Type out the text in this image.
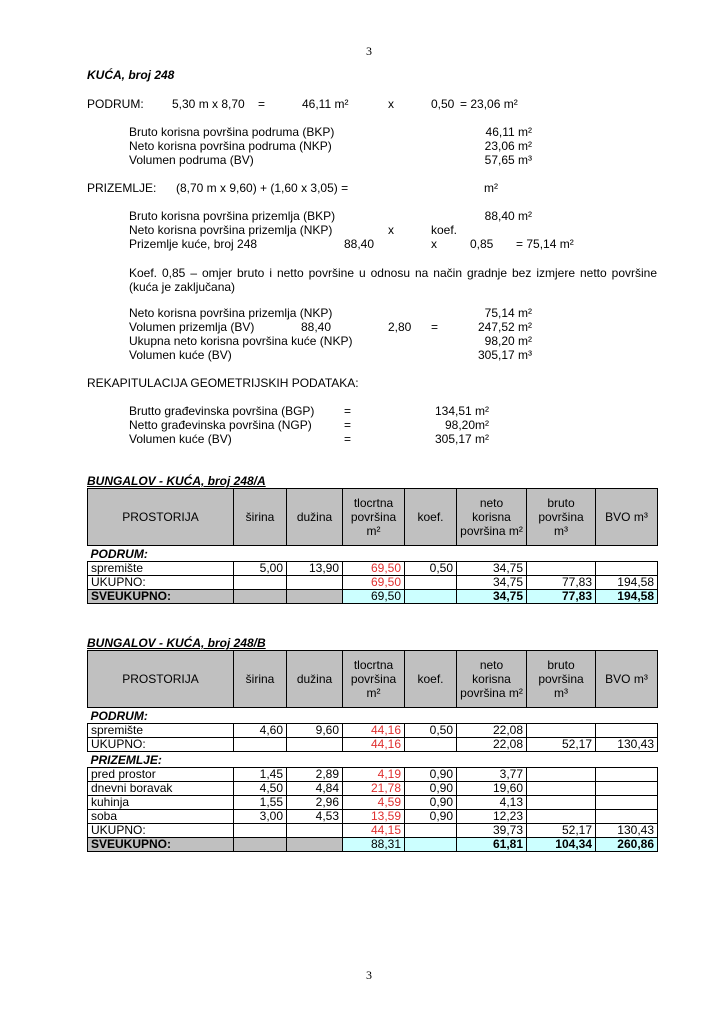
3
3
KUĆA, broj 248
PODRUM: 5,30 m x 8,70 =	46,11 m²	x	0,50 = 23,06 m²
Bruto korisna površina podruma (BKP)	46,11 m²
Neto korisna površina podruma (NKP)	23,06 m²
Volumen podruma (BV)	57,65 m³
PRIZEMLJE: (8,70 m x 9,60) + (1,60 x 3,05) =	m²
Bruto korisna površina prizemlja (BKP)	88,40 m²
Neto korisna površina prizemlja (NKP)	x	koef.
Prizemlje kuće, broj 248	88,40	x	0,85 = 75,14 m²
Koef. 0,85 – omjer bruto i netto površine u odnosu na način gradnje bez izmjere netto površine
(kuća je zaključana)
Neto korisna površina prizemlja (NKP)	75,14 m²
Volumen prizemlja (BV)	88,40	2,80 =	247,52 m²
Ukupna neto korisna površina kuće (NKP)	98,20 m²
Volumen kuće (BV)	305,17 m³
REKAPITULACIJA GEOMETRIJSKIH PODATAKA:
Brutto građevinska površina (BGP) =	134,51 m²
Netto građevinska površina (NGP)	=	98,20m²
Volumen kuće (BV)	=	305,17 m²
BUNGALOV - KUĆA, broj 248/A
PROSTORIJA	širina	dužina	tlocrtna površina m²	koef.	neto korisna površina m²	bruto površina m³	BVO m³
PODRUM:							
spremište	5,00	13,90	69,50	0,50	34,75		
UKUPNO:			69,50		34,75	77,83	194,58
SVEUKUPNO:			69,50		34,75	77,83	194,58
BUNGALOV - KUĆA, broj 248/B
PROSTORIJA	širina	dužina	tlocrtna površina m²	koef.	neto korisna površina m²	bruto površina m³	BVO m³
PODRUM:							
spremište	4,60	9,60	44,16	0,50	22,08		
UKUPNO:			44,16		22,08	52,17	130,43
PRIZEMLJE:							
pred prostor	1,45	2,89	4,19	0,90	3,77		
dnevni boravak	4,50	4,84	21,78	0,90	19,60		
kuhinja	1,55	2,96	4,59	0,90	4,13		
soba	3,00	4,53	13,59	0,90	12,23		
UKUPNO:			44,15		39,73	52,17	130,43
SVEUKUPNO:			88,31		61,81	104,34	260,86
